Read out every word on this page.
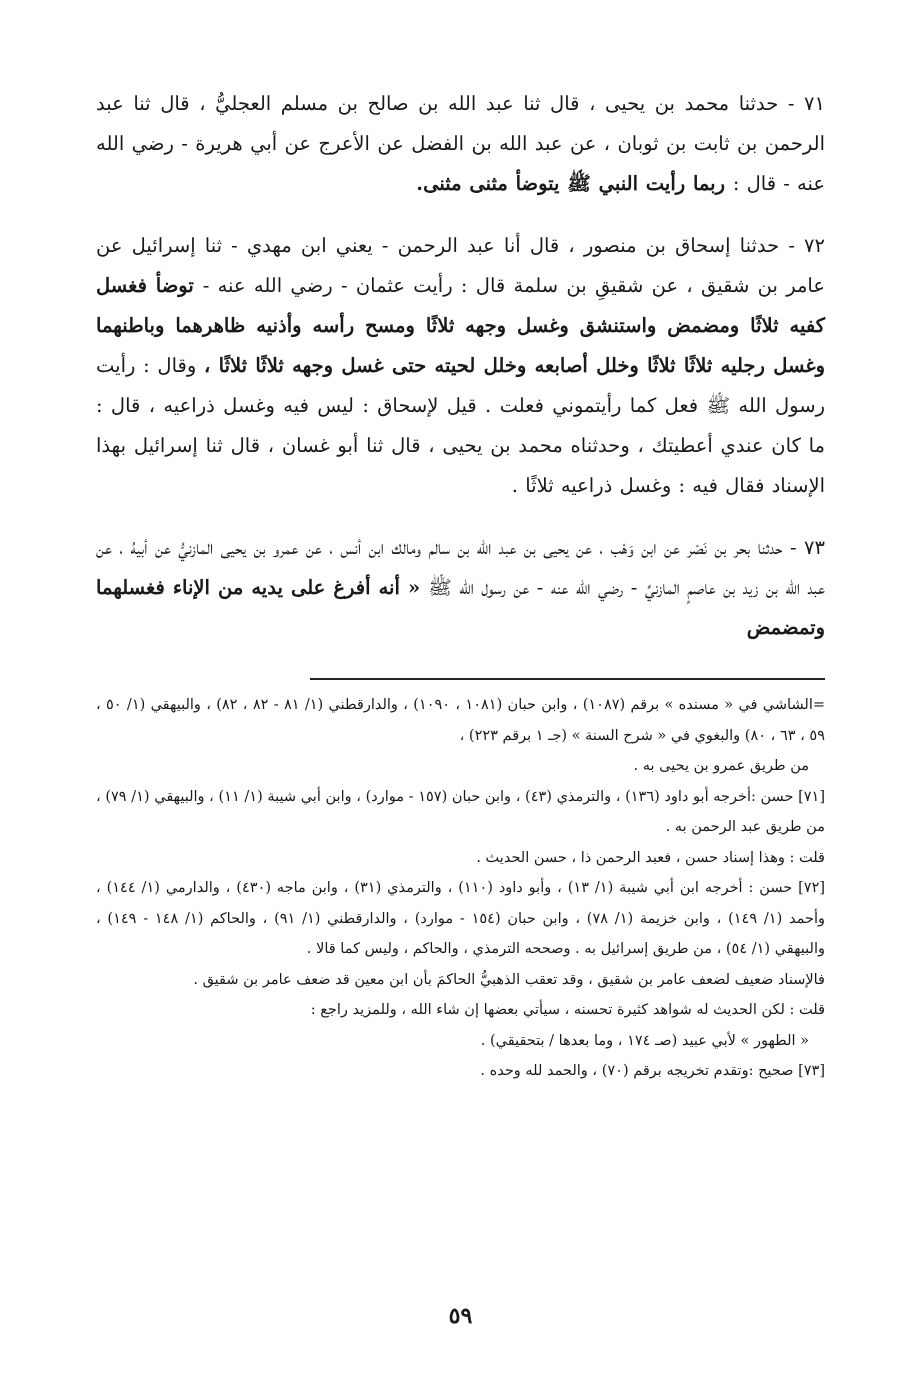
٧١ - حدثنا محمد بن يحيى ، قال ثنا عبد الله بن صالح بن مسلم العجليُّ ، قال ثنا عبد الرحمن بن ثابت بن ثوبان ، عن عبد الله بن الفضل عن الأعرج عن أبي هريرة - رضي الله عنه - قال : ربما رأيت النبي ﷺ يتوضأ مثنى مثنى.

٧٢ - حدثنا إسحاق بن منصور ، قال أنا عبد الرحمن - يعني ابن مهدي - ثنا إسرائيل عن عامر بن شقيق ، عن شقيقِ بن سلمة قال : رأيت عثمان - رضي الله عنه - توضأ فغسل كفيه ثلاثًا ومضمض واستنشق وغسل وجهه ثلاثًا ومسح رأسه وأذنيه ظاهرهما وباطنهما وغسل رجليه ثلاثًا ثلاثًا وخلل أصابعه وخلل لحيته حتى غسل وجهه ثلاثًا ثلاثًا ، وقال : رأيت رسول الله ﷺ فعل كما رأيتموني فعلت . قيل لإسحاق : ليس فيه وغسل ذراعيه ، قال : ما كان عندي أعطيتك ، وحدثناه محمد بن يحيى ، قال ثنا أبو غسان ، قال ثنا إسرائيل بهذا الإسناد فقال فيه : وغسل ذراعيه ثلاثًا .

٧٣ - حدثنا بحر بن نَصْر عن ابن وَهْب ، عن يحيى بن عبد الله بن سالم ومالك ابن أنس ، عن عمرو بن يحيى المازنيُّ عن أبيهُ ، عن عبد الله بن زيد بن عاصمٍ المازنيِّ - رضي الله عنه - عن رسول الله ﷺ « أنه أفرغ على يديه من الإناء فغسلهما وتمضمض

=الشاشي في « مسنده » برقم (١٠٨٧) ، وابن حبان (١٠٨١ ، ١٠٩٠) ، والدارقطني (١/ ٨١ - ٨٢ ، ٨٢) ، والبيهقي (١/ ٥٠ ، ٥٩ ، ٦٣ ، ٨٠) والبغوي في « شرح السنة » (جـ ١ برقم ٢٢٣) ،

من طريق عمرو بن يحيى به .

[٧١] حسن :أخرجه أبو داود (١٣٦) ، والترمذي (٤٣) ، وابن حبان (١٥٧ - موارد) ، وابن أبي شيبة (١/ ١١) ، والبيهقي (١/ ٧٩) ، من طريق عبد الرحمن به .

قلت : وهذا إسناد حسن ، فعبد الرحمن ذا ، حسن الحديث .

[٧٢] حسن : أخرجه ابن أبي شيبة (١/ ١٣) ، وأبو داود (١١٠) ، والترمذي (٣١) ، وابن ماجه (٤٣٠) ، والدارمي (١/ ١٤٤) ، وأحمد (١/ ١٤٩) ، وابن خزيمة (١/ ٧٨) ، وابن حبان (١٥٤ - موارد) ، والدارقطني (١/ ٩١) ، والحاكم (١/ ١٤٨ - ١٤٩) ، والبيهقي (١/ ٥٤) ، من طريق إسرائيل به . وصححه الترمذي ، والحاكم ، وليس كما قالا .

فالإسناد ضعيف لضعف عامر بن شقيق ، وقد تعقب الذهبيُّ الحاكمَ بأن ابن معين قد ضعف عامر بن شقيق .

قلت : لكن الحديث له شواهد كثيرة تحسنه ، سيأتي بعضها إن شاء الله ، وللمزيد راجع :

« الطهور » لأبي عبيد (صـ ١٧٤ ، وما بعدها / بتحقيقي) .

[٧٣] صحيح :وتقدم تخريجه برقم (٧٠) ، والحمد لله وحده .

٥٩
